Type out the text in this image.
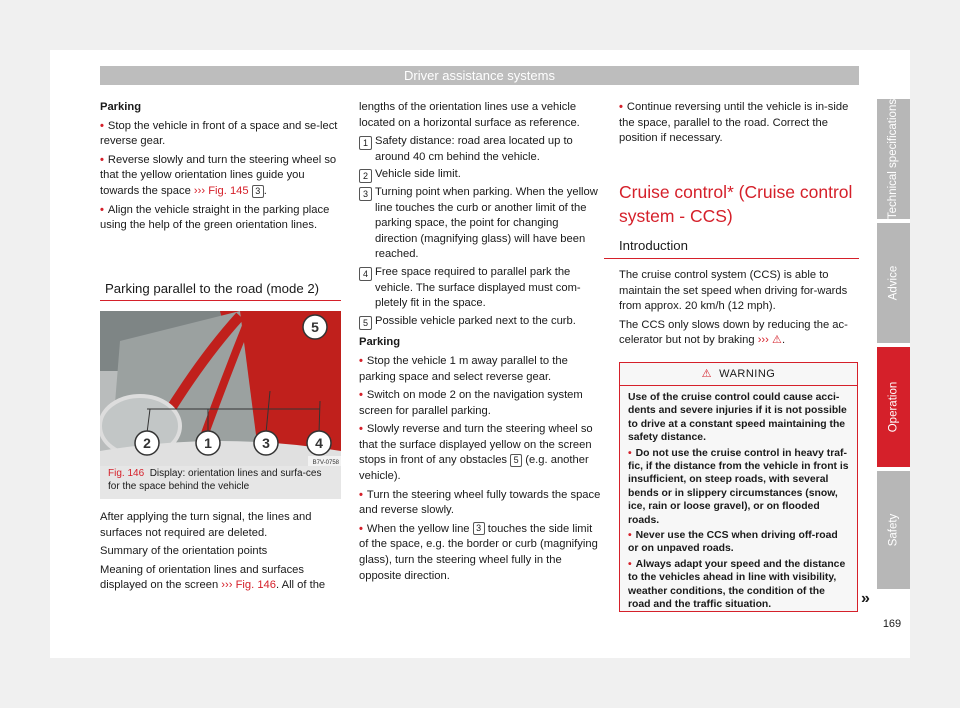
Driver assistance systems

Parking

• Stop the vehicle in front of a space and se-lect reverse gear.

• Reverse slowly and turn the steering wheel so that the yellow orientation lines guide you towards the space ››› Fig. 145 3 .

• Align the vehicle straight in the parking place using the help of the green orientation lines.

Parking parallel to the road (mode 2)

5
2	1	3	4
B7V-0758
Fig. 146 Display: orientation lines and surfa-ces for the space behind the vehicle

After applying the turn signal, the lines and surfaces not required are deleted.

Summary of the orientation points

Meaning of orientation lines and surfaces displayed on the screen ››› Fig. 146. All of the

lengths of the orientation lines use a vehicle located on a horizontal surface as reference.

1 Safety distance: road area located up to around 40 cm behind the vehicle.
2 Vehicle side limit.
3 Turning point when parking. When the yellow line touches the curb or another limit of the parking space, the point for changing direction (magnifying glass) will have been reached.
4 Free space required to parallel park the vehicle. The surface displayed must com-pletely fit in the space.
5 Possible vehicle parked next to the curb.

Parking

• Stop the vehicle 1 m away parallel to the parking space and select reverse gear.

• Switch on mode 2 on the navigation system screen for parallel parking.

• Slowly reverse and turn the steering wheel so that the surface displayed yellow on the screen stops in front of any obstacles 5 (e.g. another vehicle).

• Turn the steering wheel fully towards the space and reverse slowly.

• When the yellow line 3 touches the side limit of the space, e.g. the border or curb (magnifying glass), turn the steering wheel fully in the opposite direction.

• Continue reversing until the vehicle is in-side the space, parallel to the road. Correct the position if necessary.

Cruise control* (Cruise control system - CCS)

Introduction

The cruise control system (CCS) is able to maintain the set speed when driving for-wards from approx. 20 km/h (12 mph).

The CCS only slows down by reducing the ac-celerator but not by braking ››› ⚠.

⚠ WARNING

Use of the cruise control could cause acci-dents and severe injuries if it is not possible to drive at a constant speed maintaining the safety distance.

• Do not use the cruise control in heavy traf-fic, if the distance from the vehicle in front is insufficient, on steep roads, with several bends or in slippery circumstances (snow, ice, rain or loose gravel), or on flooded roads.

• Never use the CCS when driving off-road or on unpaved roads.

• Always adapt your speed and the distance to the vehicles ahead in line with visibility, weather conditions, the condition of the road and the traffic situation.	»
Technical specifications
Advice
Operation
Safety
169
